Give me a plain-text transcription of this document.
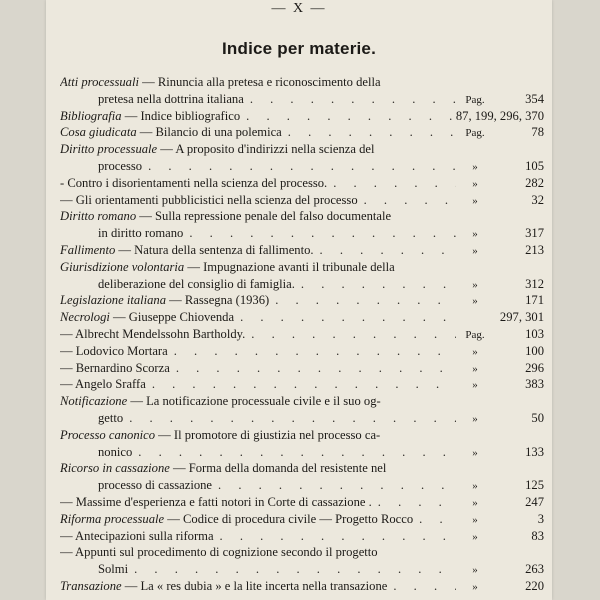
— X —
Indice per materie.
Atti processuali — Rinuncia alla pretesa e riconoscimento della
pretesa nella dottrina italiana . . .	Pag.	354
Bibliografia — Indice bibliografico . . .	87, 199, 296, 370
Cosa giudicata — Bilancio di una polemica . . .	Pag.	78
Diritto processuale — A proposito d'indirizzi nella scienza del
processo . . .	»	105
- Contro i disorientamenti nella scienza del processo. . . .	»	282
— Gli orientamenti pubblicistici nella scienza del processo . . .	»	32
Diritto romano — Sulla repressione penale del falso documentale
in diritto romano . . .	»	317
Fallimento — Natura della sentenza di fallimento. . . .	»	213
Giurisdizione volontaria — Impugnazione avanti il tribunale della
deliberazione del consiglio di famiglia. . . .	»	312
Legislazione italiana — Rassegna (1936) . . .	»	171
Necrologi — Giuseppe Chiovenda . . .	297, 301
— Albrecht Mendelssohn Bartholdy. . . .	Pag.	103
— Lodovico Mortara . . .	»	100
— Bernardino Scorza . . .	»	296
— Angelo Sraffa . . .	»	383
Notificazione — La notificazione processuale civile e il suo og-
getto . . .	»	50
Processo canonico — Il promotore di giustizia nel processo ca-
nonico . . .	»	133
Ricorso in cassazione — Forma della domanda del resistente nel
processo di cassazione . . .	»	125
— Massime d'esperienza e fatti notori in Corte di cassazione . . . .	»	247
Riforma processuale — Codice di procedura civile — Progetto Rocco . . .	»	3
— Antecipazioni sulla riforma . . .	»	83
— Appunti sul procedimento di cognizione secondo il progetto
Solmi . . .	»	263
Transazione — La « res dubia » e la lite incerta nella transazione . . .	»	220
